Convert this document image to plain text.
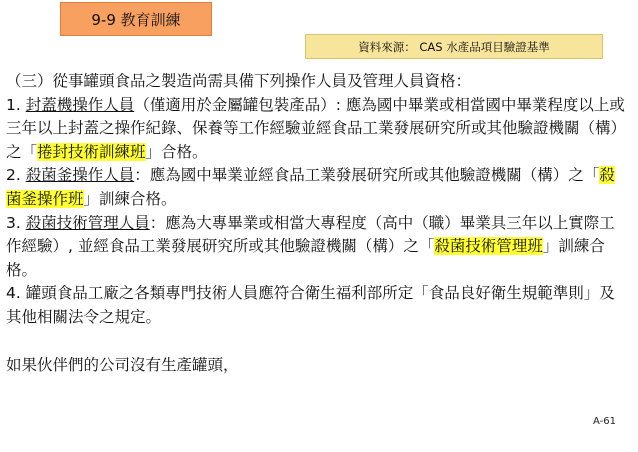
9-9 教育訓練
資料來源： CAS 水產品項目驗證基準

（三）從事罐頭食品之製造尚需具備下列操作人員及管理人員資格：

1. 封蓋機操作人員（僅適用於金屬罐包裝產品）: 應為國中畢業或相當國中畢業程度以上或三年以上封蓋之操作紀錄、保養等工作經驗並經食品工業發展研究所或其他驗證機關（構）之「捲封技術訓練班」合格。

2. 殺菌釜操作人員：應為國中畢業並經食品工業發展研究所或其他驗證機關（構）之「殺菌釜操作班」訓練合格。

3. 殺菌技術管理人員：應為大專畢業或相當大專程度（高中（職）畢業具三年以上實際工作經驗）, 並經食品工業發展研究所或其他驗證機關（構）之「殺菌技術管理班」訓練合格。

4. 罐頭食品工廠之各類專門技術人員應符合衛生福利部所定「食品良好衛生規範準則」及其他相關法令之規定。

如果伙伴們的公司沒有生產罐頭，

A-61
